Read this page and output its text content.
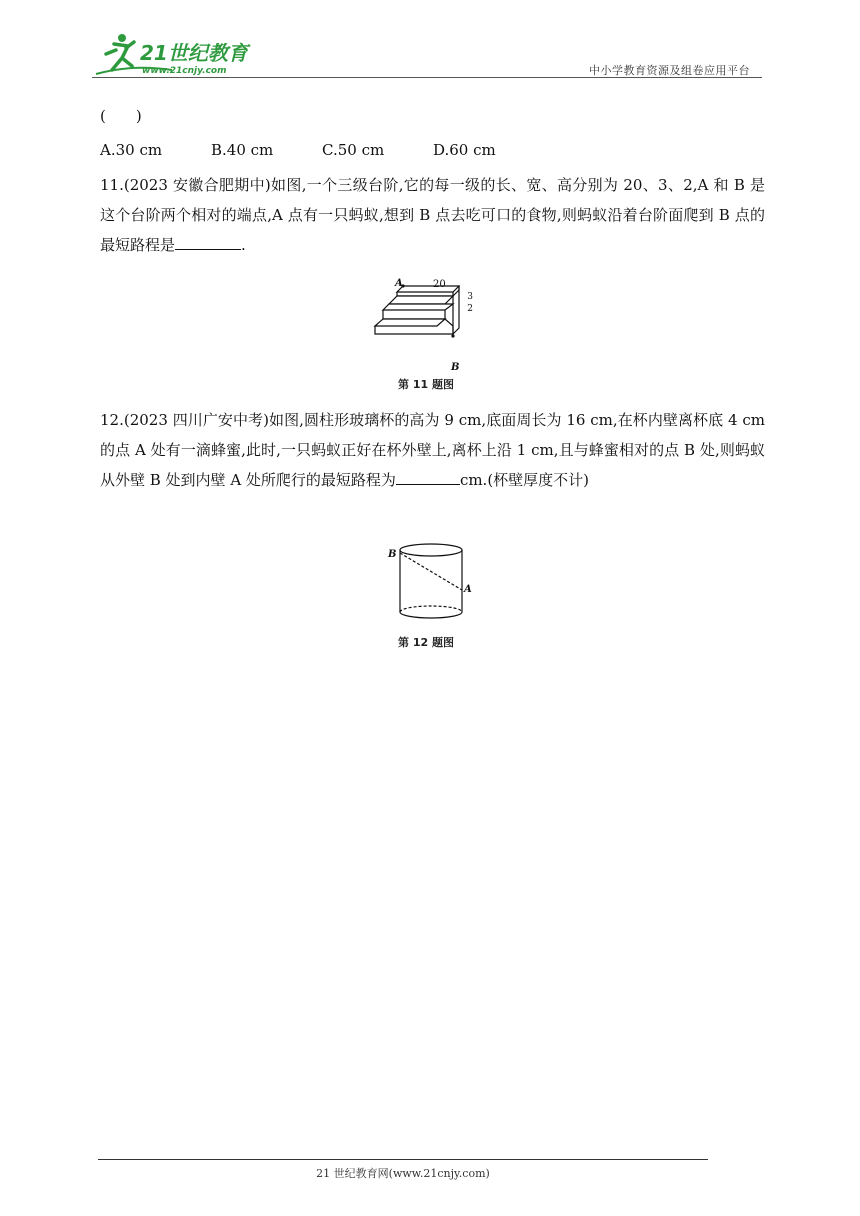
21世纪教育
www.21cnjy.com	中小学教育资源及组卷应用平台
(　　)
A.30 cm	B.40 cm	C.50 cm	D.60 cm
11.(2023 安徽合肥期中)如图,一个三级台阶,它的每一级的长、宽、高分别为 20、3、2,A 和 B 是这个台阶两个相对的端点,A 点有一只蚂蚁,想到 B 点去吃可口的食物,则蚂蚁沿着台阶面爬到 B 点的最短路程是	.
A	20
3
2
B
第 11 题图
12.(2023 四川广安中考)如图,圆柱形玻璃杯的高为 9 cm,底面周长为 16 cm,在杯内壁离杯底 4 cm 的点 A 处有一滴蜂蜜,此时,一只蚂蚁正好在杯外壁上,离杯上沿 1 cm,且与蜂蜜相对的点 B 处,则蚂蚁从外壁 B 处到内壁 A 处所爬行的最短路程为	cm.(杯壁厚度不计)
B
A
第 12 题图
21 世纪教育网(www.21cnjy.com)
